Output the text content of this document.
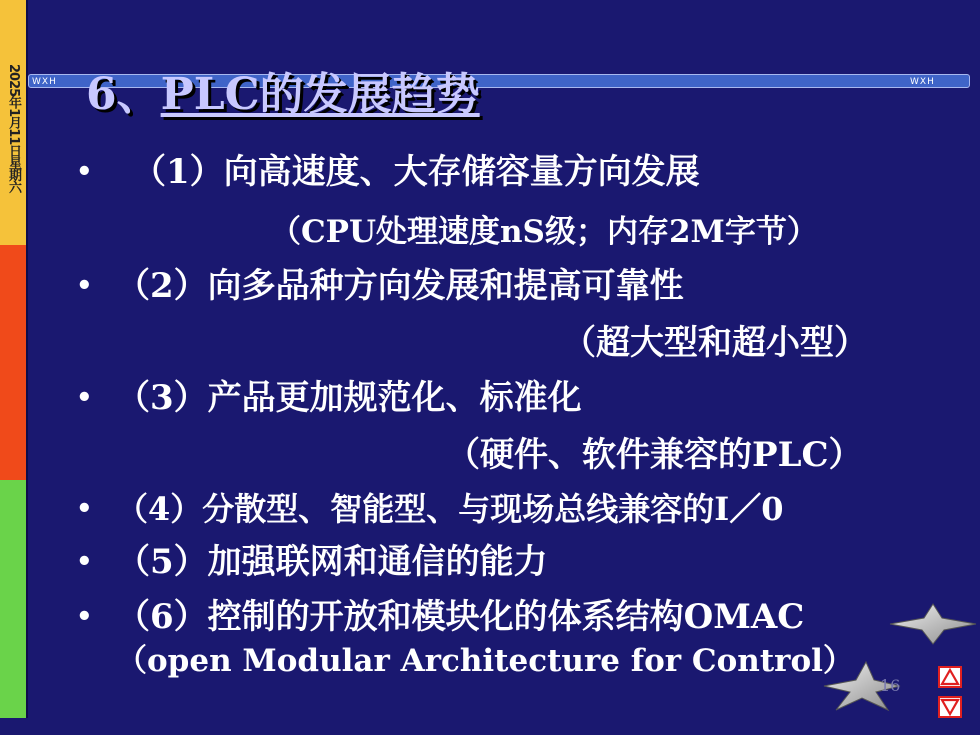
2025年1月11日星期六	WXH	WXH
6、PLC的发展趋势
• （1）向高速度、大存储容量方向发展
（CPU处理速度nS级；内存2M字节）
• （2）向多品种方向发展和提高可靠性
（超大型和超小型）
• （3）产品更加规范化、标准化
（硬件、软件兼容的PLC）
• （4）分散型、智能型、与现场总线兼容的I／0
• （5）加强联网和通信的能力
• （6）控制的开放和模块化的体系结构OMAC
（open Modular Architecture for Control）
16
